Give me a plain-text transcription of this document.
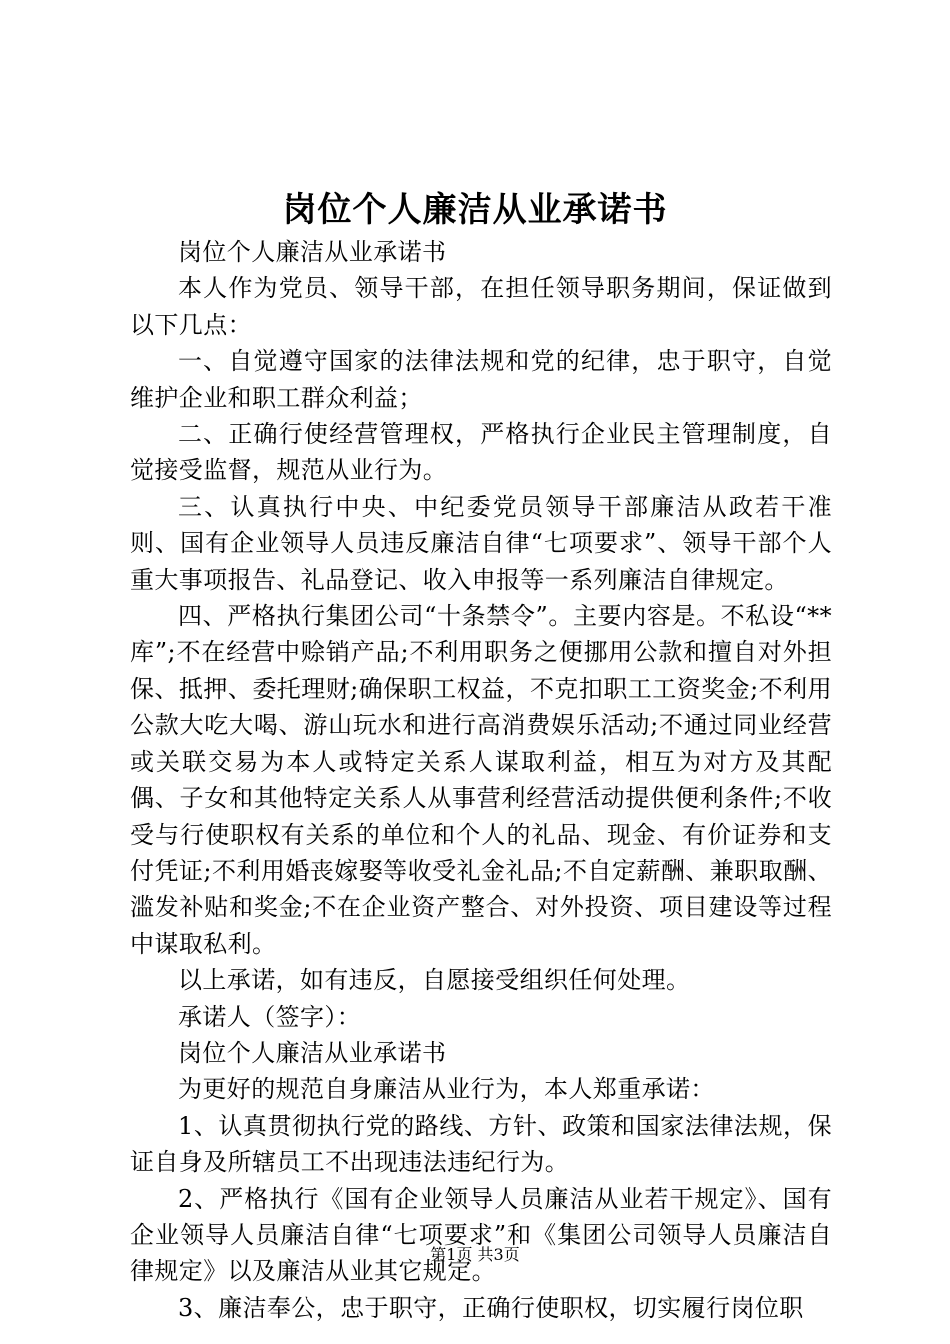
岗位个人廉洁从业承诺书

岗位个人廉洁从业承诺书

本人作为党员、领导干部，在担任领导职务期间，保证做到以下几点：

一、自觉遵守国家的法律法规和党的纪律，忠于职守，自觉维护企业和职工群众利益；

二、正确行使经营管理权，严格执行企业民主管理制度，自觉接受监督，规范从业行为。

三、认真执行中央、中纪委党员领导干部廉洁从政若干准则、国有企业领导人员违反廉洁自律“七项要求”、领导干部个人重大事项报告、礼品登记、收入申报等一系列廉洁自律规定。

四、严格执行集团公司“十条禁令”。主要内容是。不私设“**库”;不在经营中赊销产品;不利用职务之便挪用公款和擅自对外担保、抵押、委托理财;确保职工权益，不克扣职工工资奖金;不利用公款大吃大喝、游山玩水和进行高消费娱乐活动;不通过同业经营或关联交易为本人或特定关系人谋取利益，相互为对方及其配偶、子女和其他特定关系人从事营利经营活动提供便利条件;不收受与行使职权有关系的单位和个人的礼品、现金、有价证券和支付凭证;不利用婚丧嫁娶等收受礼金礼品;不自定薪酬、兼职取酬、滥发补贴和奖金;不在企业资产整合、对外投资、项目建设等过程中谋取私利。

以上承诺，如有违反，自愿接受组织任何处理。

承诺人（签字）：

岗位个人廉洁从业承诺书

为更好的规范自身廉洁从业行为，本人郑重承诺：

1、认真贯彻执行党的路线、方针、政策和国家法律法规，保证自身及所辖员工不出现违法违纪行为。

2、严格执行《国有企业领导人员廉洁从业若干规定》、国有企业领导人员廉洁自律“七项要求”和《集团公司领导人员廉洁自律规定》以及廉洁从业其它规定。

3、廉洁奉公，忠于职守，正确行使职权，切实履行岗位职

第1页 共3页
